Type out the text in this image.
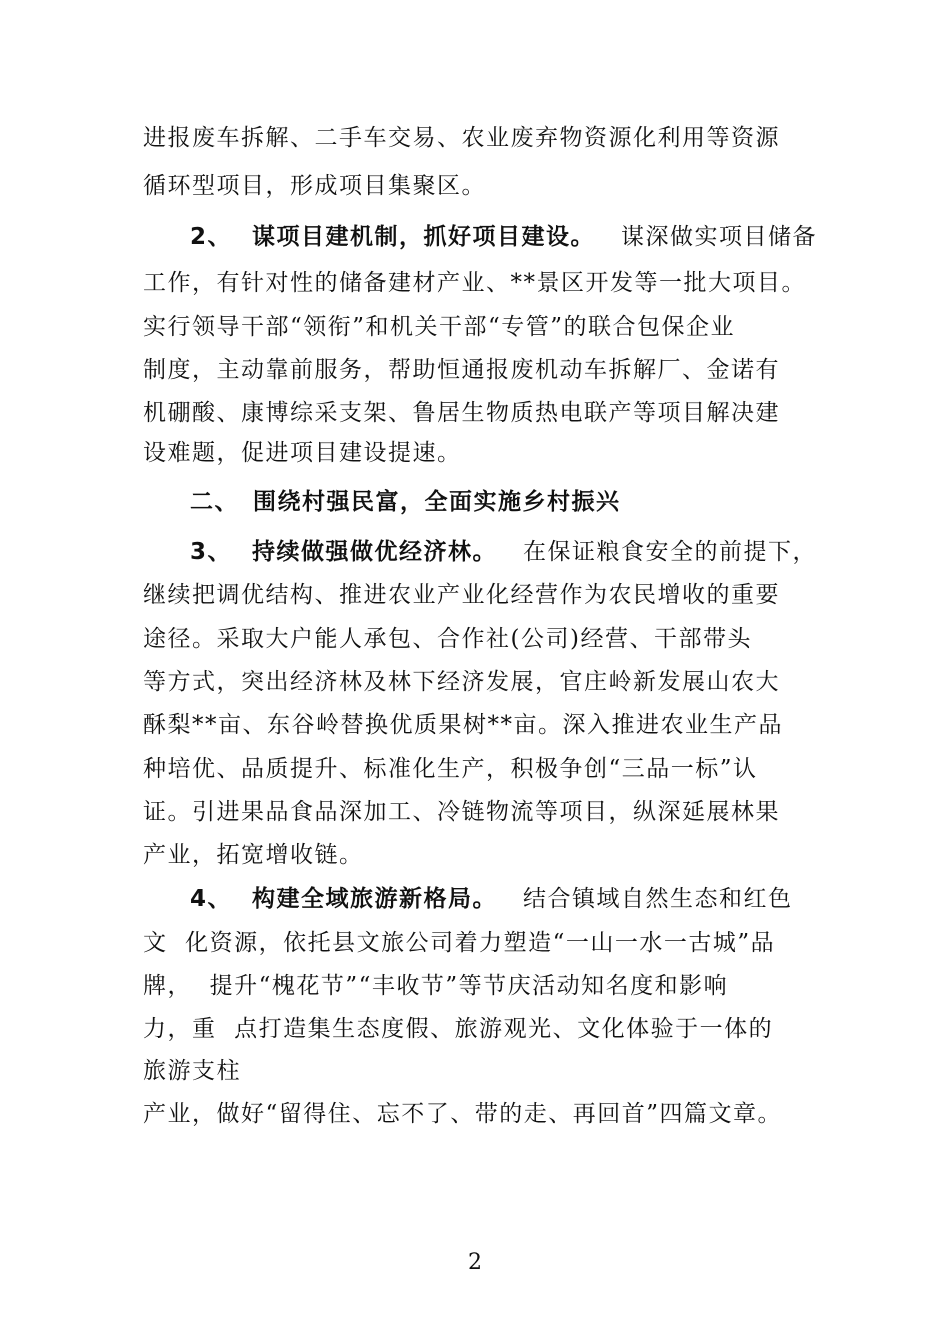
进报废车拆解、二手车交易、农业废弃物资源化利用等资源

循环型项目，形成项目集聚区。

2、 谋项目建机制，抓好项目建设。 谋深做实项目储备

工作，有针对性的储备建材产业、**景区开发等一批大项目。

实行领导干部“领衔”和机关干部“专管”的联合包保企业

制度，主动靠前服务，帮助恒通报废机动车拆解厂、金诺有

机硼酸、康博综采支架、鲁居生物质热电联产等项目解决建

设难题，促进项目建设提速。

二、 围绕村强民富，全面实施乡村振兴

3、 持续做强做优经济林。 在保证粮食安全的前提下，

继续把调优结构、推进农业产业化经营作为农民增收的重要

途径。采取大户能人承包、合作社(公司)经营、干部带头

等方式，突出经济林及林下经济发展，官庄岭新发展山农大

酥梨**亩、东谷岭替换优质果树**亩。深入推进农业生产品

种培优、品质提升、标准化生产，积极争创“三品一标”认

证。引进果品食品深加工、冷链物流等项目，纵深延展林果

产业，拓宽增收链。

4、 构建全域旅游新格局。 结合镇域自然生态和红色

文  化资源，依托县文旅公司着力塑造“一山一水一古城”品

牌，  提升“槐花节”“丰收节”等节庆活动知名度和影响

力，重  点打造集生态度假、旅游观光、文化体验于一体的

旅游支柱

产业，做好“留得住、忘不了、带的走、再回首”四篇文章。

2
